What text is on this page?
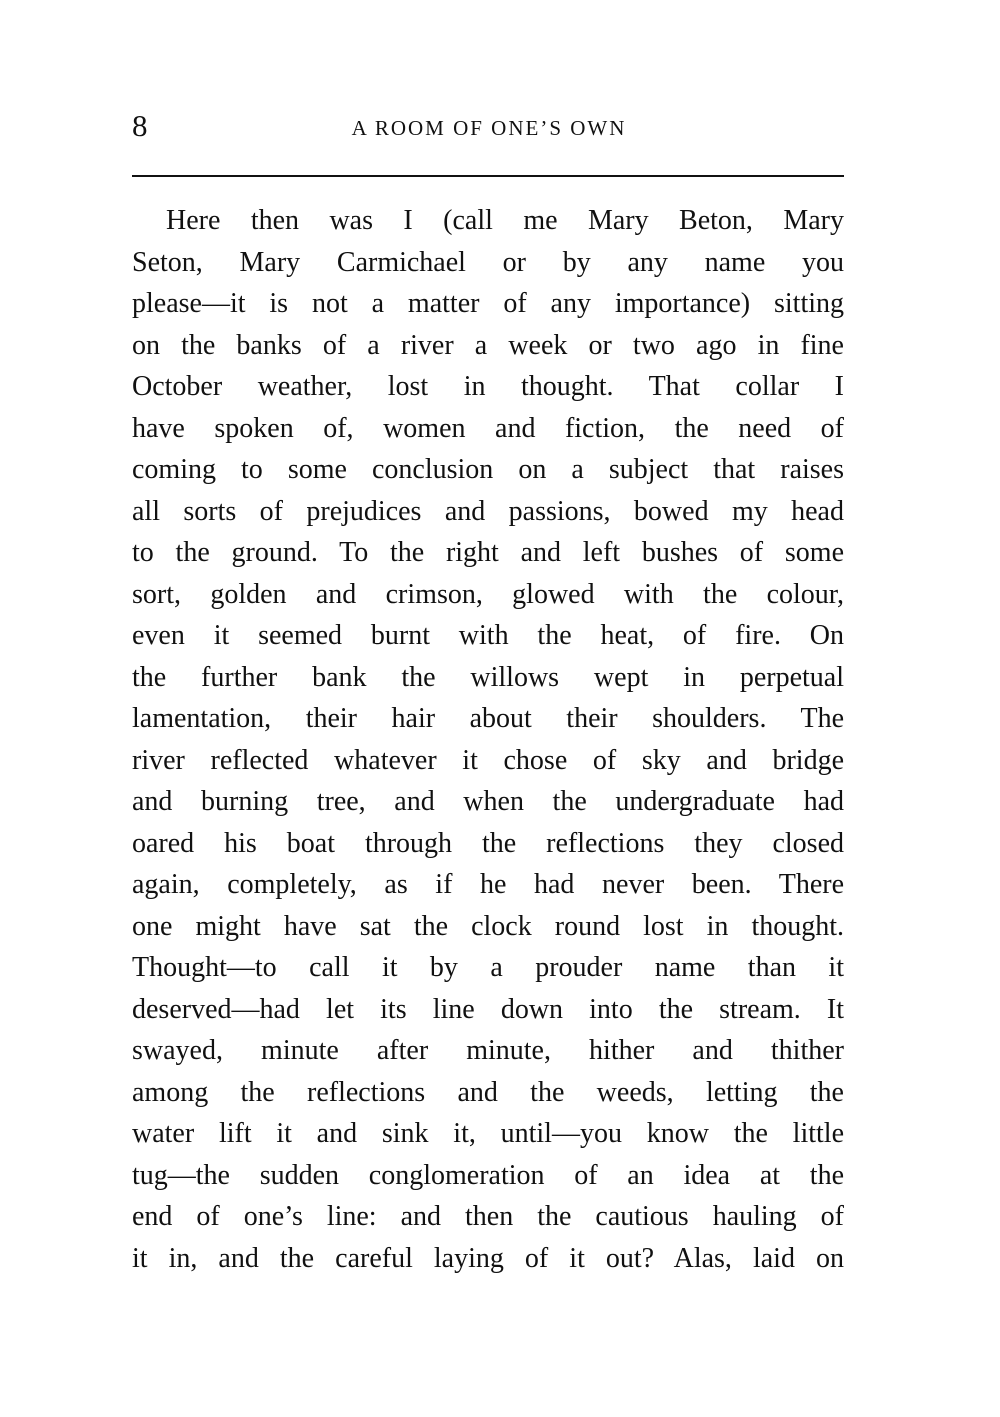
8	A ROOM OF ONE’S OWN
Here then was I (call me Mary Beton, Mary
Seton, Mary Carmichael or by any name you
please—it is not a matter of any importance) sitting
on the banks of a river a week or two ago in fine
October weather, lost in thought. That collar I
have spoken of, women and fiction, the need of
coming to some conclusion on a subject that raises
all sorts of prejudices and passions, bowed my head
to the ground. To the right and left bushes of some
sort, golden and crimson, glowed with the colour,
even it seemed burnt with the heat, of fire. On
the further bank the willows wept in perpetual
lamentation, their hair about their shoulders. The
river reflected whatever it chose of sky and bridge
and burning tree, and when the undergraduate had
oared his boat through the reflections they closed
again, completely, as if he had never been. There
one might have sat the clock round lost in thought.
Thought—to call it by a prouder name than it
deserved—had let its line down into the stream. It
swayed, minute after minute, hither and thither
among the reflections and the weeds, letting the
water lift it and sink it, until—you know the little
tug—the sudden conglomeration of an idea at the
end of one’s line: and then the cautious hauling of
it in, and the careful laying of it out? Alas, laid on
